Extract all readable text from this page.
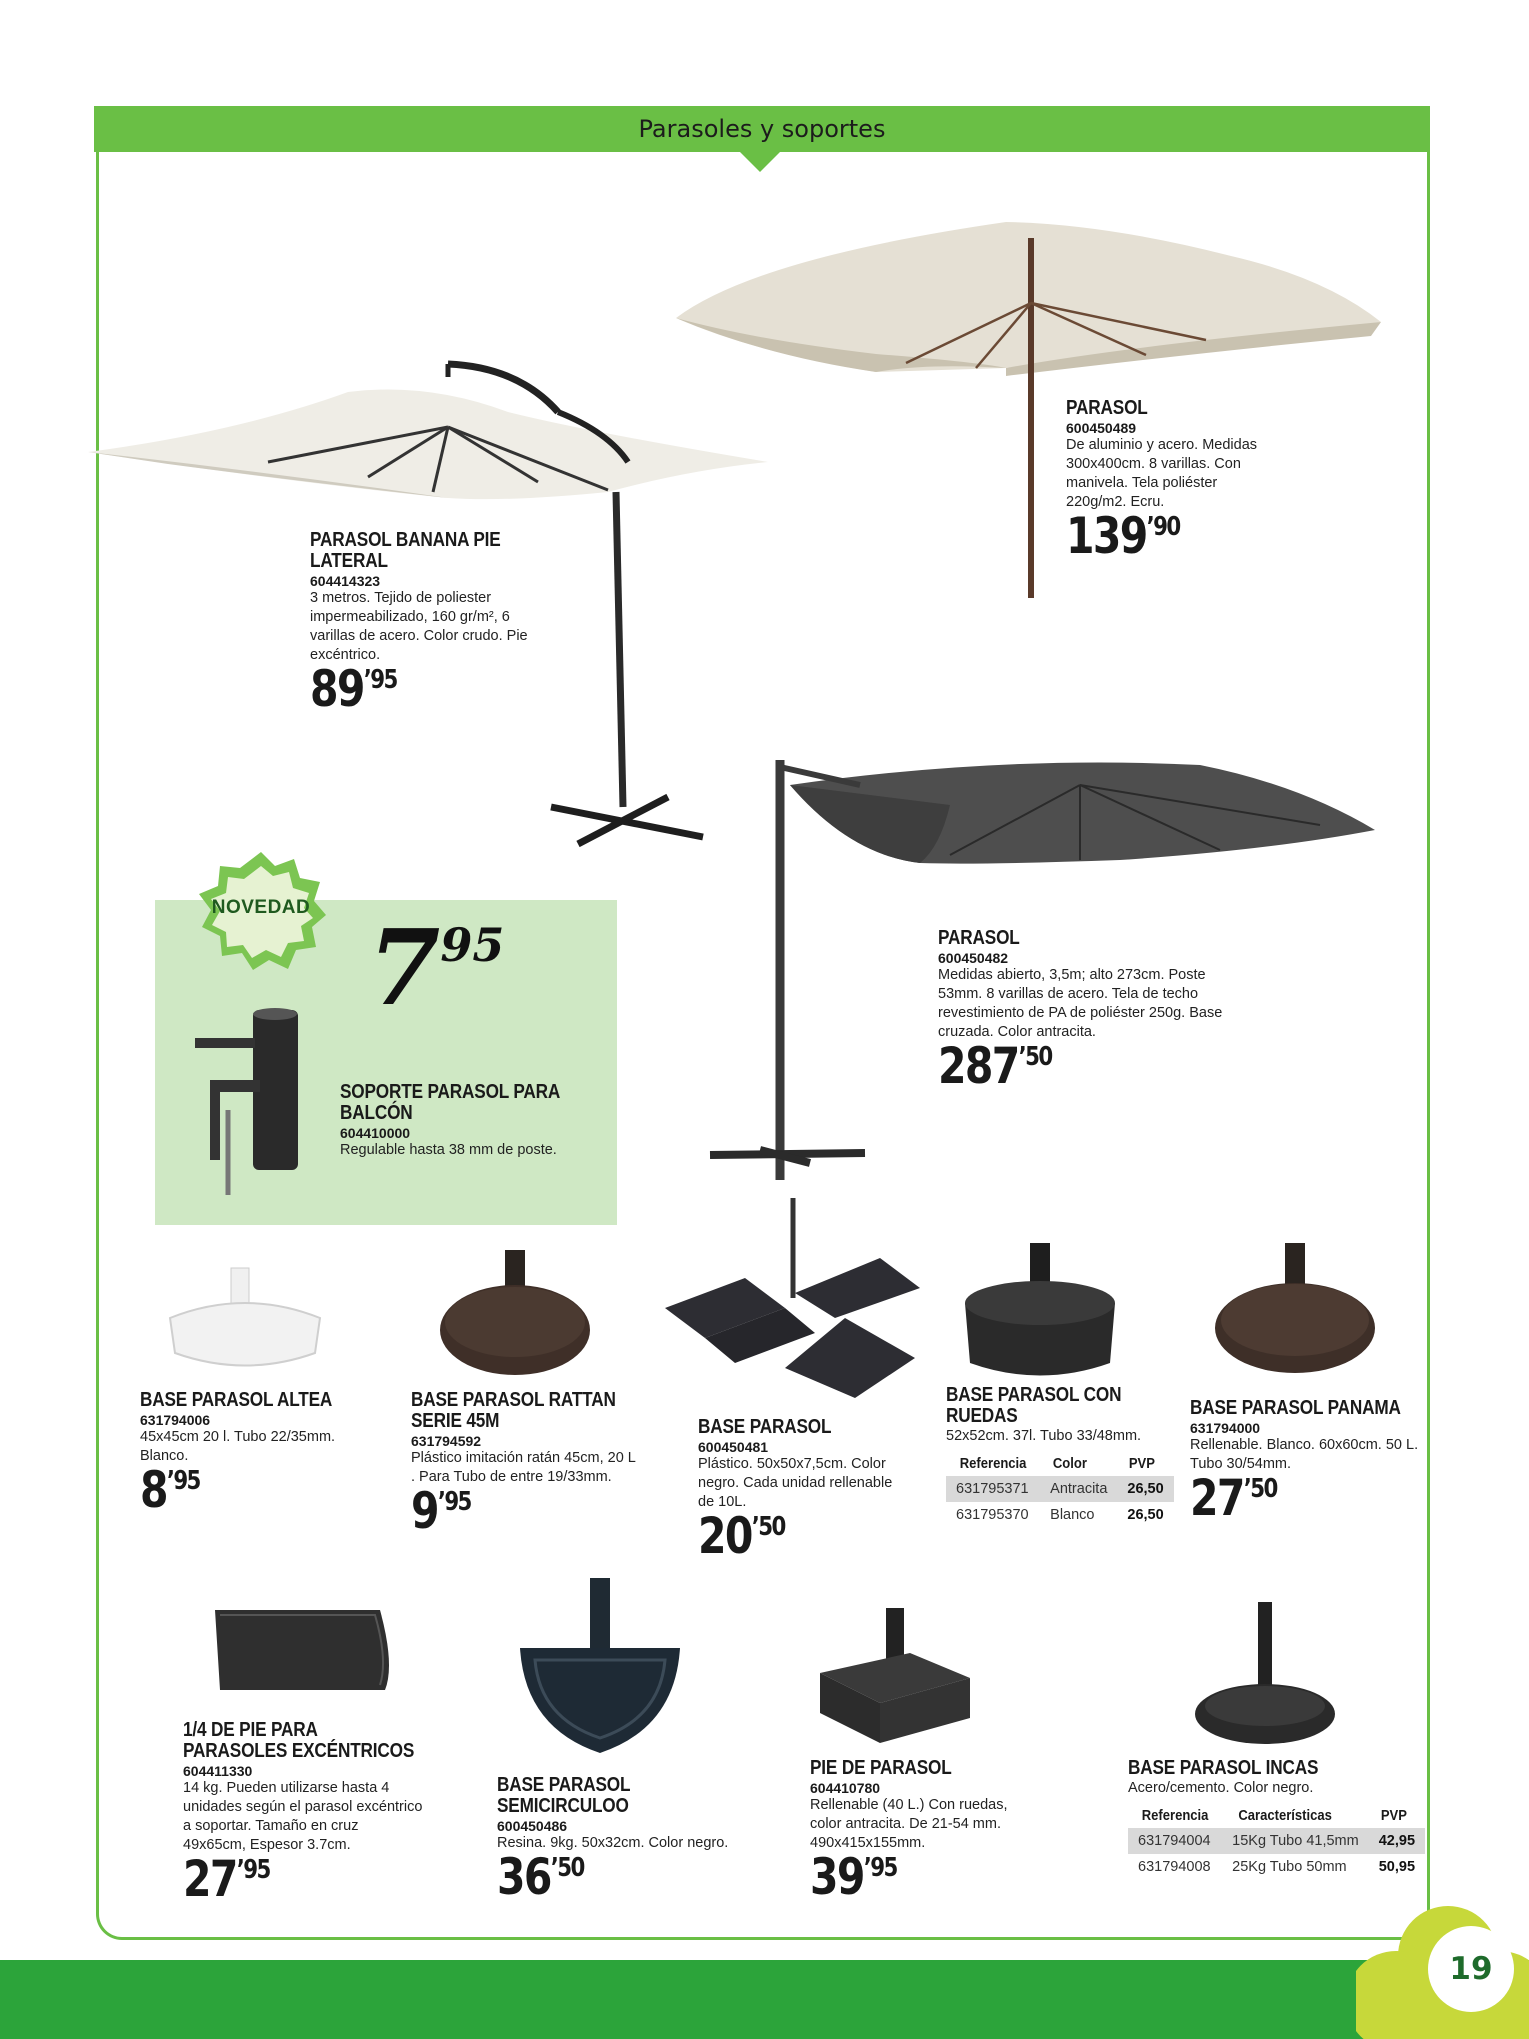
Parasoles y soportes
NOVEDAD 795
SOPORTE PARASOL PARA BALCÓN
604410000
Regulable hasta 38 mm de poste.
PARASOL BANANA PIE LATERAL
604414323
3 metros. Tejido de poliester impermeabilizado, 160 gr/m², 6 varillas de acero. Color crudo. Pie excéntrico.
89’95
PARASOL
600450489
De aluminio y acero. Medidas 300x400cm. 8 varillas. Con manivela. Tela poliéster 220g/m2. Ecru.
139’90
PARASOL
600450482
Medidas abierto, 3,5m; alto 273cm. Poste 53mm. 8 varillas de acero. Tela de techo revestimiento de PA de poliéster 250g. Base cruzada. Color antracita.
287’50
BASE PARASOL ALTEA
631794006
45x45cm 20 l. Tubo 22/35mm. Blanco.
8’95
BASE PARASOL RATTAN SERIE 45M
631794592
Plástico imitación ratán 45cm, 20 L . Para Tubo de entre 19/33mm.
9’95
BASE PARASOL
600450481
Plástico. 50x50x7,5cm. Color negro. Cada unidad rellenable de 10L.
20’50
BASE PARASOL CON RUEDAS
52x52cm. 37l. Tubo 33/48mm.
Referencia	Color	PVP
631795371	Antracita	26,50
631795370	Blanco	26,50
BASE PARASOL PANAMA
631794000
Rellenable. Blanco. 60x60cm. 50 L. Tubo 30/54mm.
27’50
1/4 DE PIE PARA PARASOLES EXCÉNTRICOS
604411330
14 kg. Pueden utilizarse hasta 4 unidades según el parasol excéntrico a soportar. Tamaño en cruz 49x65cm, Espesor 3.7cm.
27’95
BASE PARASOL SEMICIRCULOO
600450486
Resina. 9kg. 50x32cm. Color negro.
36’50
PIE DE PARASOL
604410780
Rellenable (40 L.) Con ruedas, color antracita. De 21-54 mm. 490x415x155mm.
39’95
BASE PARASOL INCAS
Acero/cemento. Color negro.
Referencia	Características	PVP
631794004	15Kg Tubo 41,5mm	42,95
631794008	25Kg Tubo 50mm	50,95
19
